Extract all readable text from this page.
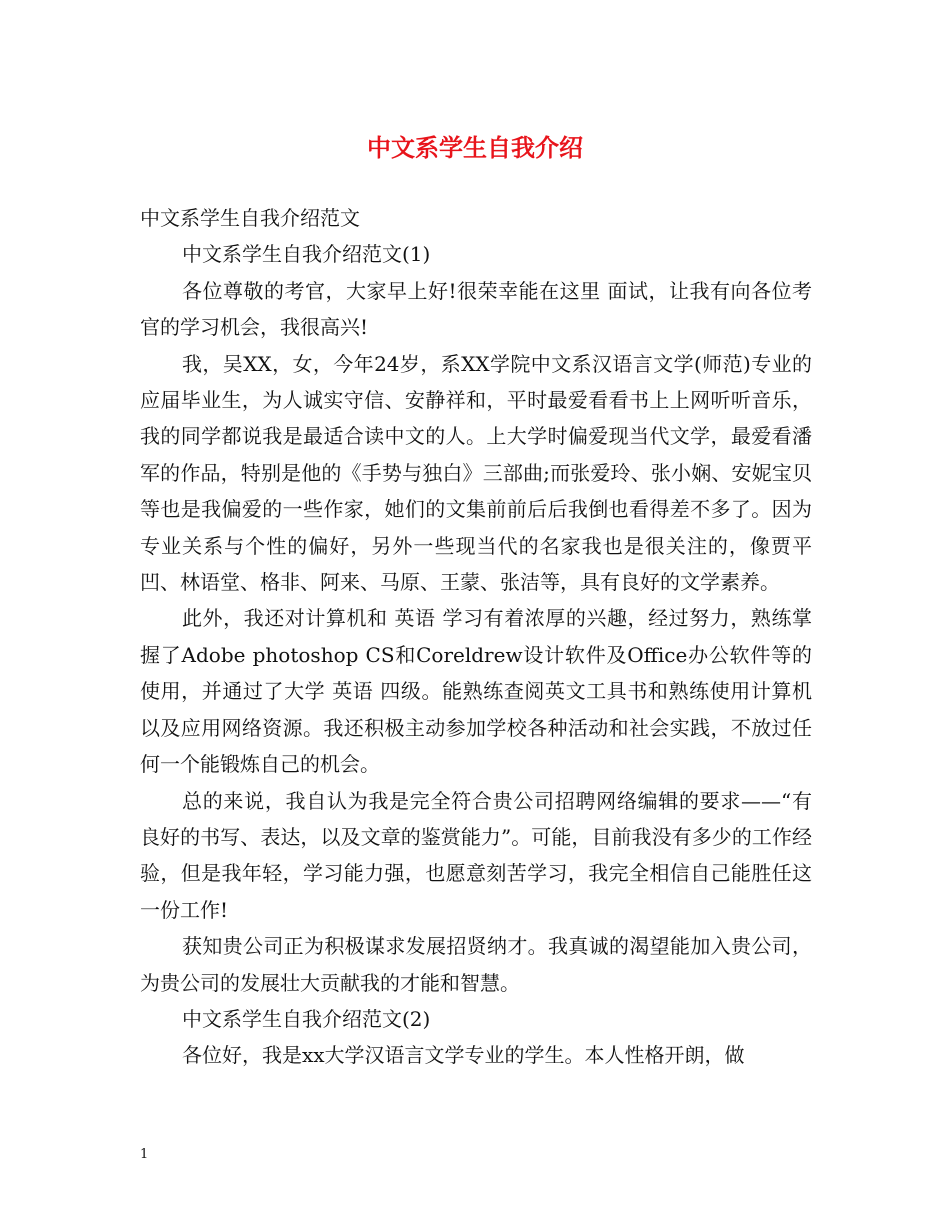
中文系学生自我介绍

中文系学生自我介绍范文

中文系学生自我介绍范文(1)

各位尊敬的考官，大家早上好!很荣幸能在这里 面试，让我有向各位考官的学习机会，我很高兴!

我，吴XX，女，今年24岁，系XX学院中文系汉语言文学(师范)专业的应届毕业生，为人诚实守信、安静祥和，平时最爱看看书上上网听听音乐，我的同学都说我是最适合读中文的人。上大学时偏爱现当代文学，最爱看潘军的作品，特别是他的《手势与独白》三部曲;而张爱玲、张小娴、安妮宝贝等也是我偏爱的一些作家，她们的文集前前后后我倒也看得差不多了。因为专业关系与个性的偏好，另外一些现当代的名家我也是很关注的，像贾平凹、林语堂、格非、阿来、马原、王蒙、张洁等，具有良好的文学素养。

此外，我还对计算机和 英语 学习有着浓厚的兴趣，经过努力，熟练掌握了Adobe photoshop CS和Coreldrew设计软件及Office办公软件等的使用，并通过了大学 英语 四级。能熟练查阅英文工具书和熟练使用计算机以及应用网络资源。我还积极主动参加学校各种活动和社会实践，不放过任何一个能锻炼自己的机会。

总的来说，我自认为我是完全符合贵公司招聘网络编辑的要求——“有良好的书写、表达，以及文章的鉴赏能力”。可能，目前我没有多少的工作经验，但是我年轻，学习能力强，也愿意刻苦学习，我完全相信自己能胜任这一份工作!

获知贵公司正为积极谋求发展招贤纳才。我真诚的渴望能加入贵公司，为贵公司的发展壮大贡献我的才能和智慧。

中文系学生自我介绍范文(2)

各位好，我是xx大学汉语言文学专业的学生。本人性格开朗，做

1
